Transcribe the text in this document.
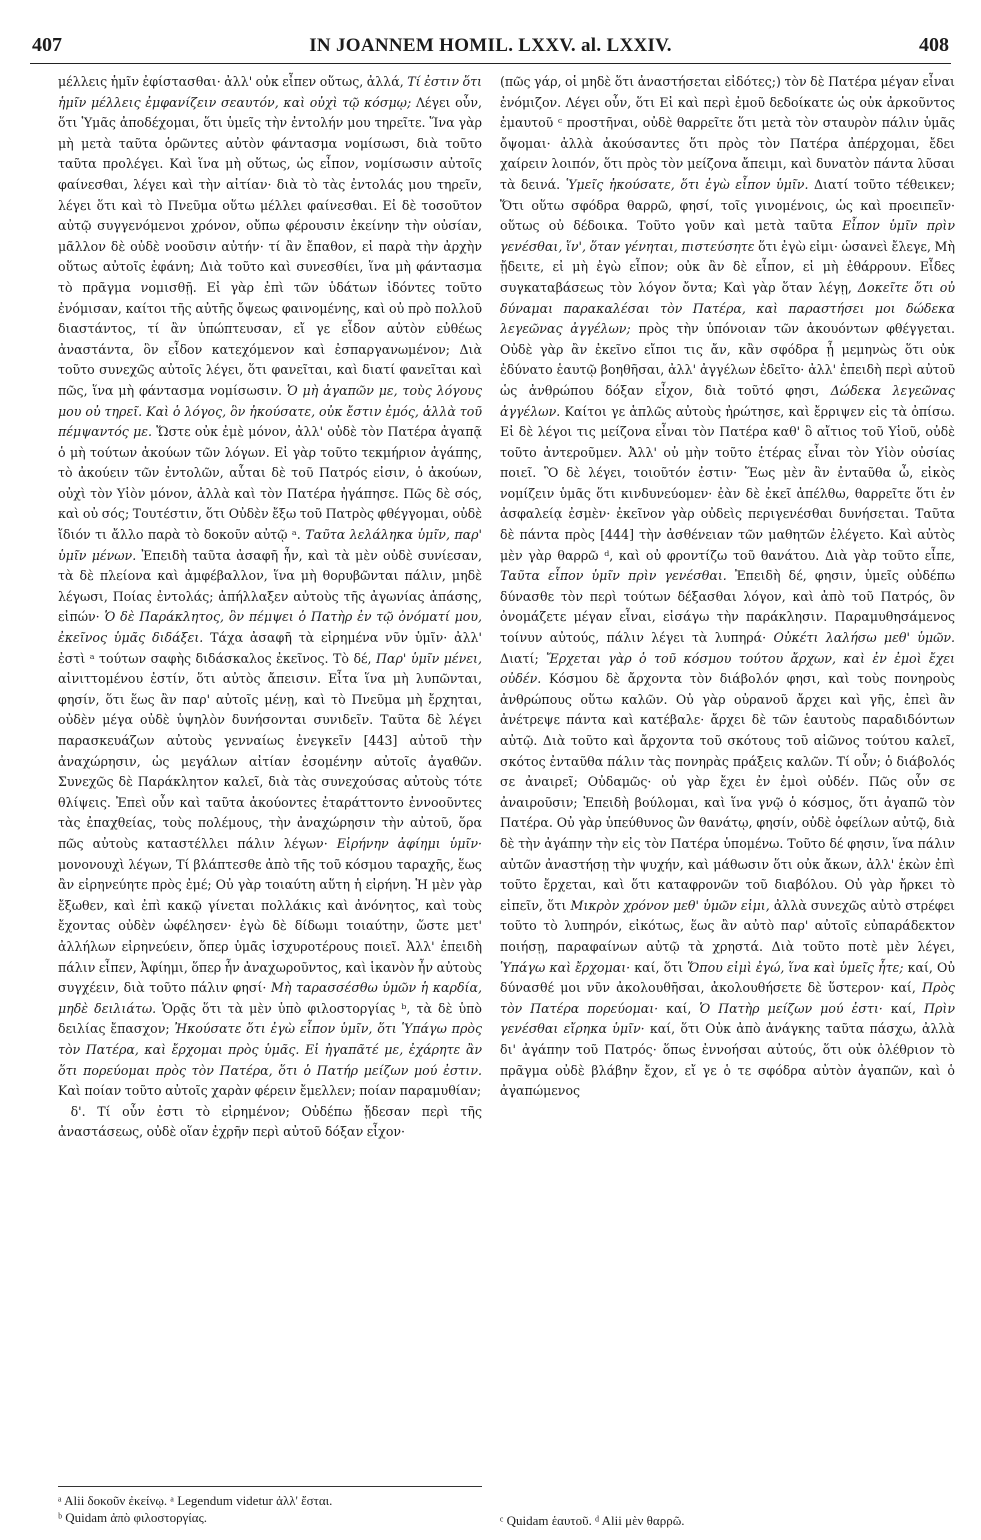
407	IN JOANNEM HOMIL. LXXV. al. LXXIV.	408

μέλλεις ἡμῖν ἐφίστασθαι· ἀλλ' οὐκ εἶπεν οὕτως, ἀλλά, Τί ἐστιν ὅτι ἡμῖν μέλλεις ἐμφανίζειν σεαυτόν, καὶ οὐχὶ τῷ κόσμῳ; Λέγει οὖν, ὅτι Ὑμᾶς ἀποδέχομαι, ὅτι ὑμεῖς τὴν ἐντολήν μου τηρεῖτε. Ἵνα γὰρ μὴ μετὰ ταῦτα ὁρῶντες αὐτὸν φάντασμα νομίσωσι, διὰ τοῦτο ταῦτα προλέγει. Καὶ ἵνα μὴ οὕτως, ὡς εἶπον, νομίσωσιν αὐτοῖς φαίνεσθαι, λέγει καὶ τὴν αἰτίαν· διὰ τὸ τὰς ἐντολάς μου τηρεῖν, λέγει ὅτι καὶ τὸ Πνεῦμα οὕτω μέλλει φαίνεσθαι. Εἰ δὲ τοσοῦτον αὐτῷ συγγενόμενοι χρόνον, οὔπω φέρουσιν ἐκείνην τὴν οὐσίαν, μᾶλλον δὲ οὐδὲ νοοῦσιν αὐτήν· τί ἂν ἔπαθον, εἰ παρὰ τὴν ἀρχὴν οὕτως αὐτοῖς ἐφάνη; Διὰ τοῦτο καὶ συνεσθίει, ἵνα μὴ φάντασμα τὸ πρᾶγμα νομισθῇ. Εἰ γὰρ ἐπὶ τῶν ὑδάτων ἰδόντες τοῦτο ἐνόμισαν, καίτοι τῆς αὐτῆς ὄψεως φαινομένης, καὶ οὐ πρὸ πολλοῦ διαστάντος, τί ἂν ὑπώπτευσαν, εἴ γε εἶδον αὐτὸν εὐθέως ἀναστάντα, ὃν εἶδον κατεχόμενον καὶ ἐσπαργανωμένον; Διὰ τοῦτο συνεχῶς αὐτοῖς λέγει, ὅτι φανεῖται, καὶ διατί φανεῖται καὶ πῶς, ἵνα μὴ φάντασμα νομίσωσιν. Ὁ μὴ ἀγαπῶν με, τοὺς λόγους μου οὐ τηρεῖ. Καὶ ὁ λόγος, ὃν ἠκούσατε, οὐκ ἔστιν ἐμός, ἀλλὰ τοῦ πέμψαντός με. Ὥστε οὐκ ἐμὲ μόνον, ἀλλ' οὐδὲ τὸν Πατέρα ἀγαπᾷ ὁ μὴ τούτων ἀκούων τῶν λόγων. Εἰ γὰρ τοῦτο τεκμήριον ἀγάπης, τὸ ἀκούειν τῶν ἐντολῶν, αὗται δὲ τοῦ Πατρός εἰσιν, ὁ ἀκούων, οὐχὶ τὸν Υἱὸν μόνον, ἀλλὰ καὶ τὸν Πατέρα ἠγάπησε. Πῶς δὲ σός, καὶ οὐ σός; Τουτέστιν, ὅτι Οὐδὲν ἔξω τοῦ Πατρὸς φθέγγομαι, οὐδὲ ἴδιόν τι ἄλλο παρὰ τὸ δοκοῦν αὐτῷ ᵃ. Ταῦτα λελάληκα ὑμῖν, παρ' ὑμῖν μένων. Ἐπειδὴ ταῦτα ἀσαφῆ ἦν, καὶ τὰ μὲν οὐδὲ συνίεσαν, τὰ δὲ πλείονα καὶ ἀμφέβαλλον, ἵνα μὴ θορυβῶνται πάλιν, μηδὲ λέγωσι, Ποίας ἐντολάς; ἀπήλλαξεν αὐτοὺς τῆς ἀγωνίας ἁπάσης, εἰπών· Ὁ δὲ Παράκλητος, ὃν πέμψει ὁ Πατὴρ ἐν τῷ ὀνόματί μου, ἐκεῖνος ὑμᾶς διδάξει. Τάχα ἀσαφῆ τὰ εἰρημένα νῦν ὑμῖν· ἀλλ' ἐστὶ ᵃ τούτων σαφὴς διδάσκαλος ἐκεῖνος. Τὸ δέ, Παρ' ὑμῖν μένει, αἰνιττομένου ἐστίν, ὅτι αὐτὸς ἄπεισιν. Εἶτα ἵνα μὴ λυπῶνται, φησίν, ὅτι ἕως ἂν παρ' αὐτοῖς μένῃ, καὶ τὸ Πνεῦμα μὴ ἔρχηται, οὐδὲν μέγα οὐδὲ ὑψηλὸν δυνήσονται συνιδεῖν. Ταῦτα δὲ λέγει παρασκευάζων αὐτοὺς γενναίως ἐνεγκεῖν [443] αὐτοῦ τὴν ἀναχώρησιν, ὡς μεγάλων αἰτίαν ἐσομένην αὐτοῖς ἀγαθῶν. Συνεχῶς δὲ Παράκλητον καλεῖ, διὰ τὰς συνεχούσας αὐτοὺς τότε θλίψεις. Ἐπεὶ οὖν καὶ ταῦτα ἀκούοντες ἐταράττοντο ἐννοοῦντες τὰς ἐπαχθείας, τοὺς πολέμους, τὴν ἀναχώρησιν τὴν αὐτοῦ, ὅρα πῶς αὐτοὺς καταστέλλει πάλιν λέγων· Εἰρήνην ἀφίημι ὑμῖν· μονονουχὶ λέγων, Τί βλάπτεσθε ἀπὸ τῆς τοῦ κόσμου ταραχῆς, ἕως ἂν εἰρηνεύητε πρὸς ἐμέ; Οὐ γὰρ τοιαύτη αὕτη ἡ εἰρήνη. Ἡ μὲν γὰρ ἔξωθεν, καὶ ἐπὶ κακῷ γίνεται πολλάκις καὶ ἀνόνητος, καὶ τοὺς ἔχοντας οὐδὲν ὠφέλησεν· ἐγὼ δὲ δίδωμι τοιαύτην, ὥστε μετ' ἀλλήλων εἰρηνεύειν, ὅπερ ὑμᾶς ἰσχυροτέρους ποιεῖ. Ἀλλ' ἐπειδὴ πάλιν εἶπεν, Ἀφίημι, ὅπερ ἦν ἀναχωροῦντος, καὶ ἱκανὸν ἦν αὐτοὺς συγχέειν, διὰ τοῦτο πάλιν φησί· Μὴ ταρασσέσθω ὑμῶν ἡ καρδία, μηδὲ δειλιάτω. Ὁρᾷς ὅτι τὰ μὲν ὑπὸ φιλοστοργίας ᵇ, τὰ δὲ ὑπὸ δειλίας ἔπασχον; Ἠκούσατε ὅτι ἐγὼ εἶπον ὑμῖν, ὅτι Ὑπάγω πρὸς τὸν Πατέρα, καὶ ἔρχομαι πρὸς ὑμᾶς. Εἰ ἠγαπᾶτέ με, ἐχάρητε ἂν ὅτι πορεύομαι πρὸς τὸν Πατέρα, ὅτι ὁ Πατήρ μείζων μού ἐστιν. Καὶ ποίαν τοῦτο αὐτοῖς χαρὰν φέρειν ἔμελλεν; ποίαν παραμυθίαν;
 δ'. Τί οὖν ἐστι τὸ εἰρημένον; Οὐδέπω ᾔδεσαν περὶ τῆς ἀναστάσεως, οὐδὲ οἵαν ἐχρῆν περὶ αὐτοῦ δόξαν εἶχον·

(πῶς γάρ, οἱ μηδὲ ὅτι ἀναστήσεται εἰδότες;) τὸν δὲ Πατέρα μέγαν εἶναι ἐνόμιζον. Λέγει οὖν, ὅτι Εἰ καὶ περὶ ἐμοῦ δεδοίκατε ὡς οὐκ ἀρκοῦντος ἐμαυτοῦ ᶜ προστῆναι, οὐδὲ θαρρεῖτε ὅτι μετὰ τὸν σταυρὸν πάλιν ὑμᾶς ὄψομαι· ἀλλὰ ἀκούσαντες ὅτι πρὸς τὸν Πατέρα ἀπέρχομαι, ἔδει χαίρειν λοιπόν, ὅτι πρὸς τὸν μείζονα ἄπειμι, καὶ δυνατὸν πάντα λῦσαι τὰ δεινά. Ὑμεῖς ἠκούσατε, ὅτι ἐγὼ εἶπον ὑμῖν. Διατί τοῦτο τέθεικεν; Ὅτι οὕτω σφόδρα θαρρῶ, φησί, τοῖς γινομένοις, ὡς καὶ προειπεῖν· οὕτως οὐ δέδοικα. Τοῦτο γοῦν καὶ μετὰ ταῦτα Εἶπον ὑμῖν πρὶν γενέσθαι, ἵν', ὅταν γένηται, πιστεύσητε ὅτι ἐγὼ εἰμι· ὡσανεὶ ἔλεγε, Μὴ ᾔδειτε, εἰ μὴ ἐγὼ εἶπον; οὐκ ἂν δὲ εἶπον, εἰ μὴ ἐθάρρουν. Εἶδες συγκαταβάσεως τὸν λόγον ὄντα; Καὶ γὰρ ὅταν λέγῃ, Δοκεῖτε ὅτι οὐ δύναμαι παρακαλέσαι τὸν Πατέρα, καὶ παραστήσει μοι δώδεκα λεγεῶνας ἀγγέλων; πρὸς τὴν ὑπόνοιαν τῶν ἀκουόντων φθέγγεται. Οὐδὲ γὰρ ἂν ἐκεῖνο εἴποι τις ἄν, κἂν σφόδρα ᾖ μεμηνὼς ὅτι οὐκ ἐδύνατο ἑαυτῷ βοηθῆσαι, ἀλλ' ἀγγέλων ἐδεῖτο· ἀλλ' ἐπειδὴ περὶ αὐτοῦ ὡς ἀνθρώπου δόξαν εἶχον, διὰ τοῦτό φησι, Δώδεκα λεγεῶνας ἀγγέλων. Καίτοι γε ἁπλῶς αὐτοὺς ἠρώτησε, καὶ ἔρριψεν εἰς τὰ ὀπίσω. Εἰ δὲ λέγοι τις μείζονα εἶναι τὸν Πατέρα καθ' ὃ αἴτιος τοῦ Υἱοῦ, οὐδὲ τοῦτο ἀντεροῦμεν. Ἀλλ' οὐ μὴν τοῦτο ἑτέρας εἶναι τὸν Υἱὸν οὐσίας ποιεῖ. Ὃ δὲ λέγει, τοιοῦτόν ἐστιν· Ἕως μὲν ἂν ἐνταῦθα ὦ, εἰκὸς νομίζειν ὑμᾶς ὅτι κινδυνεύομεν· ἐὰν δὲ ἐκεῖ ἀπέλθω, θαρρεῖτε ὅτι ἐν ἀσφαλείᾳ ἐσμὲν· ἐκεῖνον γὰρ οὐδεὶς περιγενέσθαι δυνήσεται. Ταῦτα δὲ πάντα πρὸς [444] τὴν ἀσθένειαν τῶν μαθητῶν ἐλέγετο. Καὶ αὐτὸς μὲν γὰρ θαρρῶ ᵈ, καὶ οὐ φροντίζω τοῦ θανάτου. Διὰ γὰρ τοῦτο εἶπε, Ταῦτα εἶπον ὑμῖν πρὶν γενέσθαι. Ἐπειδὴ δέ, φησιν, ὑμεῖς οὐδέπω δύνασθε τὸν περὶ τούτων δέξασθαι λόγον, καὶ ἀπὸ τοῦ Πατρός, ὃν ὀνομάζετε μέγαν εἶναι, εἰσάγω τὴν παράκλησιν. Παραμυθησάμενος τοίνυν αὐτούς, πάλιν λέγει τὰ λυπηρά· Οὐκέτι λαλήσω μεθ' ὑμῶν. Διατί; Ἔρχεται γὰρ ὁ τοῦ κόσμου τούτου ἄρχων, καὶ ἐν ἐμοὶ ἔχει οὐδέν. Κόσμου δὲ ἄρχοντα τὸν διάβολόν φησι, καὶ τοὺς πονηροὺς ἀνθρώπους οὕτω καλῶν. Οὐ γὰρ οὐρανοῦ ἄρχει καὶ γῆς, ἐπεὶ ἂν ἀνέτρεψε πάντα καὶ κατέβαλε· ἄρχει δὲ τῶν ἑαυτοὺς παραδιδόντων αὐτῷ. Διὰ τοῦτο καὶ ἄρχοντα τοῦ σκότους τοῦ αἰῶνος τούτου καλεῖ, σκότος ἐνταῦθα πάλιν τὰς πονηρὰς πράξεις καλῶν. Τί οὖν; ὁ διάβολός σε ἀναιρεῖ; Οὐδαμῶς· οὐ γὰρ ἔχει ἐν ἐμοὶ οὐδέν. Πῶς οὖν σε ἀναιροῦσιν; Ἐπειδὴ βούλομαι, καὶ ἵνα γνῷ ὁ κόσμος, ὅτι ἀγαπῶ τὸν Πατέρα. Οὐ γὰρ ὑπεύθυνος ὢν θανάτῳ, φησίν, οὐδὲ ὀφείλων αὐτῷ, διὰ δὲ τὴν ἀγάπην τὴν εἰς τὸν Πατέρα ὑπομένω. Τοῦτο δέ φησιν, ἵνα πάλιν αὐτῶν ἀναστήσῃ τὴν ψυχήν, καὶ μάθωσιν ὅτι οὐκ ἄκων, ἀλλ' ἑκὼν ἐπὶ τοῦτο ἔρχεται, καὶ ὅτι καταφρονῶν τοῦ διαβόλου. Οὐ γὰρ ἤρκει τὸ εἰπεῖν, ὅτι Μικρὸν χρόνον μεθ' ὑμῶν εἰμι, ἀλλὰ συνεχῶς αὐτὸ στρέφει τοῦτο τὸ λυπηρόν, εἰκότως, ἕως ἂν αὐτὸ παρ' αὐτοῖς εὐπαράδεκτον ποιήσῃ, παραφαίνων αὐτῷ τὰ χρηστά. Διὰ τοῦτο ποτὲ μὲν λέγει, Ὑπάγω καὶ ἔρχομαι· καί, ὅτι Ὅπου εἰμὶ ἐγώ, ἵνα καὶ ὑμεῖς ἦτε; καί, Οὐ δύνασθέ μοι νῦν ἀκολουθῆσαι, ἀκολουθήσετε δὲ ὕστερον· καί, Πρὸς τὸν Πατέρα πορεύομαι· καί, Ὁ Πατὴρ μείζων μού ἐστι· καί, Πρὶν γενέσθαι εἴρηκα ὑμῖν· καί, ὅτι Οὐκ ἀπὸ ἀνάγκης ταῦτα πάσχω, ἀλλὰ δι' ἀγάπην τοῦ Πατρός· ὅπως ἐννοήσαι αὐτούς, ὅτι οὐκ ὀλέθριον τὸ πρᾶγμα οὐδὲ βλάβην ἔχον, εἴ γε ὁ τε σφόδρα αὐτὸν ἀγαπῶν, καὶ ὁ ἀγαπώμενος

ᵃ Alii δοκοῦν ἐκείνῳ. ᵃ Legendum videtur ἀλλ' ἔσται.
ᵇ Quidam ἀπὸ φιλοστοργίας.	ᶜ Quidam ἑαυτοῦ. ᵈ Alii μὲν θαρρῶ.
